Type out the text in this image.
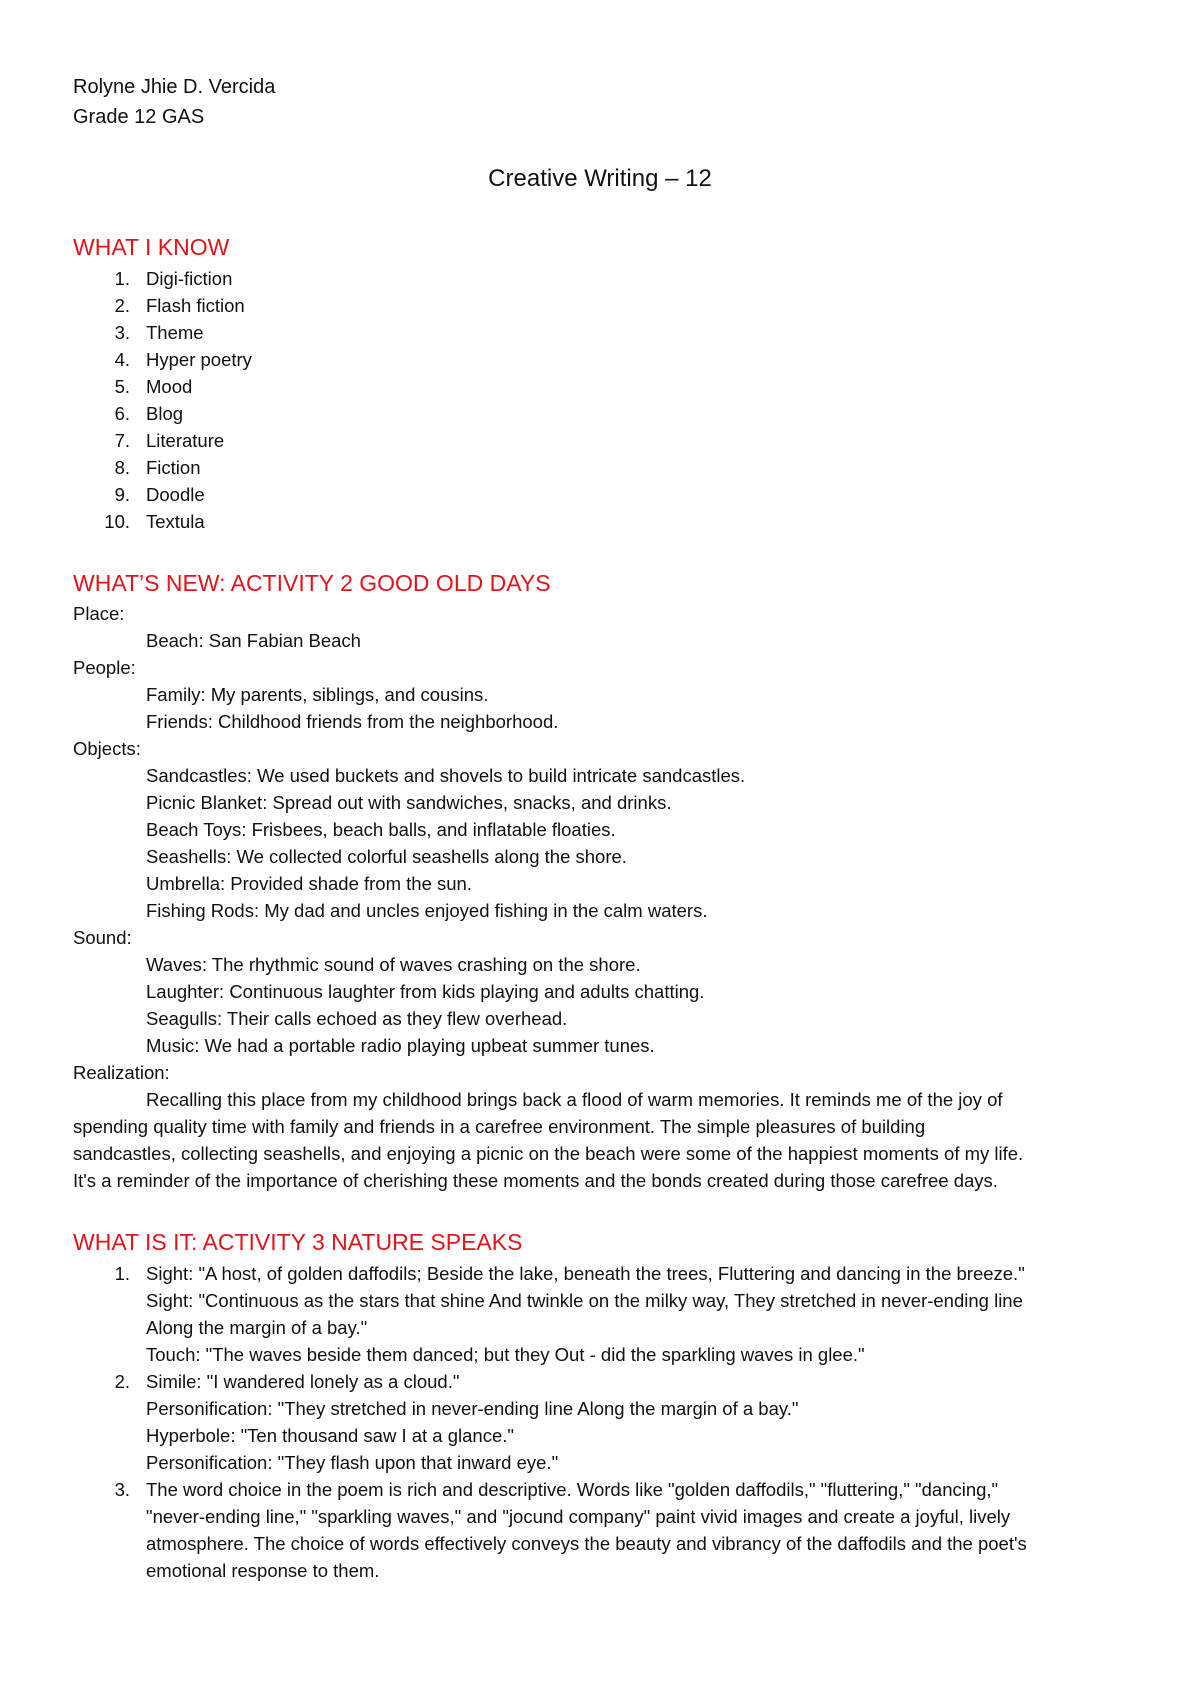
Rolyne Jhie D. Vercida
Grade 12 GAS
Creative Writing – 12
WHAT I KNOW
1. Digi-fiction
2. Flash fiction
3. Theme
4. Hyper poetry
5. Mood
6. Blog
7. Literature
8. Fiction
9. Doodle
10. Textula
WHAT’S NEW: ACTIVITY 2 GOOD OLD DAYS
Place:
Beach: San Fabian Beach
People:
Family: My parents, siblings, and cousins.
Friends: Childhood friends from the neighborhood.
Objects:
Sandcastles: We used buckets and shovels to build intricate sandcastles.
Picnic Blanket: Spread out with sandwiches, snacks, and drinks.
Beach Toys: Frisbees, beach balls, and inflatable floaties.
Seashells: We collected colorful seashells along the shore.
Umbrella: Provided shade from the sun.
Fishing Rods: My dad and uncles enjoyed fishing in the calm waters.
Sound:
Waves: The rhythmic sound of waves crashing on the shore.
Laughter: Continuous laughter from kids playing and adults chatting.
Seagulls: Their calls echoed as they flew overhead.
Music: We had a portable radio playing upbeat summer tunes.
Realization:
Recalling this place from my childhood brings back a flood of warm memories. It reminds me of the joy of
spending quality time with family and friends in a carefree environment. The simple pleasures of building
sandcastles, collecting seashells, and enjoying a picnic on the beach were some of the happiest moments of my life.
It's a reminder of the importance of cherishing these moments and the bonds created during those carefree days.
WHAT IS IT: ACTIVITY 3 NATURE SPEAKS
1. Sight: "A host, of golden daffodils; Beside the lake, beneath the trees, Fluttering and dancing in the breeze."
Sight: "Continuous as the stars that shine And twinkle on the milky way, They stretched in never-ending line
Along the margin of a bay."
Touch: "The waves beside them danced; but they Out - did the sparkling waves in glee."
2. Simile: "I wandered lonely as a cloud."
Personification: "They stretched in never-ending line Along the margin of a bay."
Hyperbole: "Ten thousand saw I at a glance."
Personification: "They flash upon that inward eye."
3. The word choice in the poem is rich and descriptive. Words like "golden daffodils," "fluttering," "dancing,"
"never-ending line," "sparkling waves," and "jocund company" paint vivid images and create a joyful, lively
atmosphere. The choice of words effectively conveys the beauty and vibrancy of the daffodils and the poet's
emotional response to them.
